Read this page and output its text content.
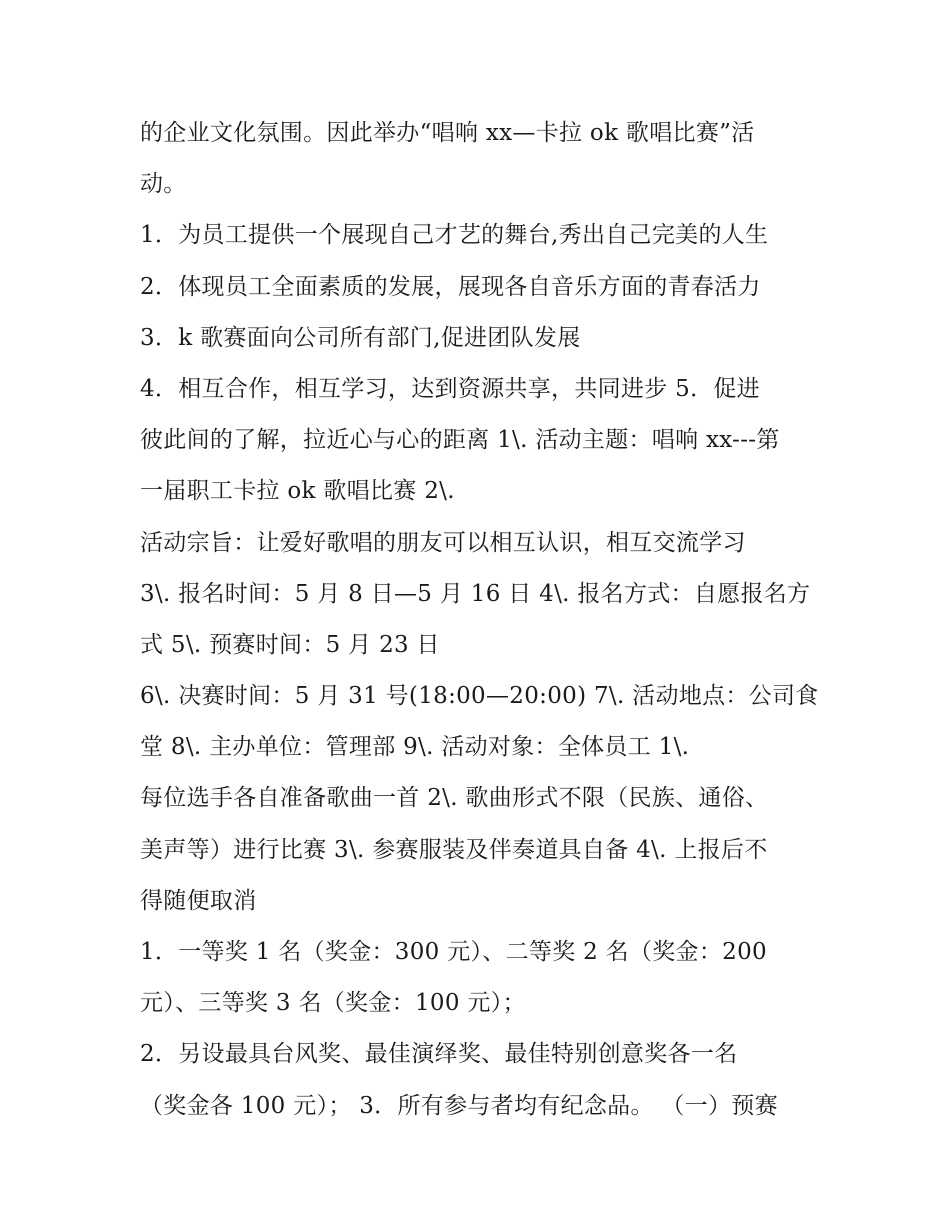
的企业文化氛围。因此举办“唱响 xx—卡拉 ok 歌唱比赛”活
动。
1．为员工提供一个展现自己才艺的舞台,秀出自己完美的人生
2．体现员工全面素质的发展，展现各自音乐方面的青春活力
3．k 歌赛面向公司所有部门,促进团队发展
4．相互合作，相互学习，达到资源共享，共同进步 5．促进
彼此间的了解，拉近心与心的距离 1\. 活动主题：唱响 xx---第
一届职工卡拉 ok 歌唱比赛 2\.
活动宗旨：让爱好歌唱的朋友可以相互认识，相互交流学习
3\. 报名时间：5 月 8 日—5 月 16 日 4\. 报名方式：自愿报名方
式 5\. 预赛时间：5 月 23 日
6\. 决赛时间：5 月 31 号(18:00—20:00) 7\. 活动地点：公司食
堂 8\. 主办单位：管理部 9\. 活动对象：全体员工 1\.
每位选手各自准备歌曲一首 2\. 歌曲形式不限（民族、通俗、
美声等）进行比赛 3\. 参赛服装及伴奏道具自备 4\. 上报后不
得随便取消
1．一等奖 1 名（奖金：300 元）、二等奖 2 名（奖金：200
元）、三等奖 3 名（奖金：100 元）；
2．另设最具台风奖、最佳演绎奖、最佳特别创意奖各一名
（奖金各 100 元）； 3．所有参与者均有纪念品。 （一）预赛
